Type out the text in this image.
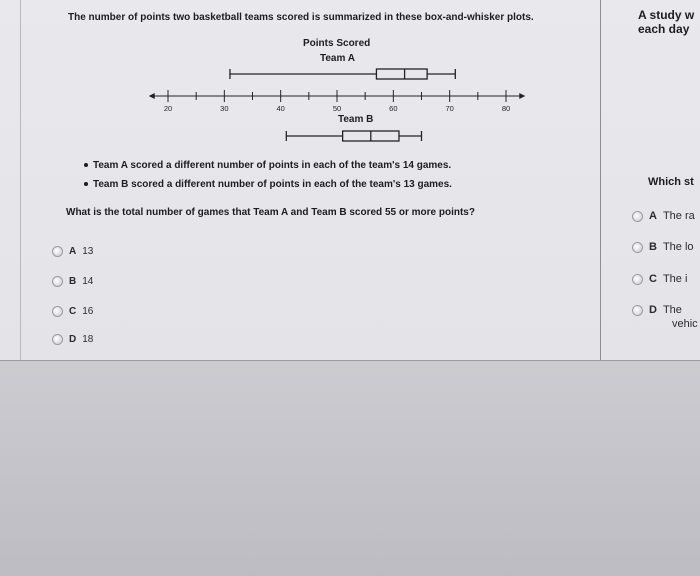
The number of points two basketball teams scored is summarized in these box-and-whisker plots.
Points Scored
Team A
Team B
20	30	40	50	60	70	80
Team A scored a different number of points in each of the team's 14 games.
Team B scored a different number of points in each of the team's 13 games.
What is the total number of games that Team A and Team B scored 55 or more points?
A 13
B 14
C 16
D 18
A study w
each day
Which st
A The ra
B The lo
C The i
D The
vehic
